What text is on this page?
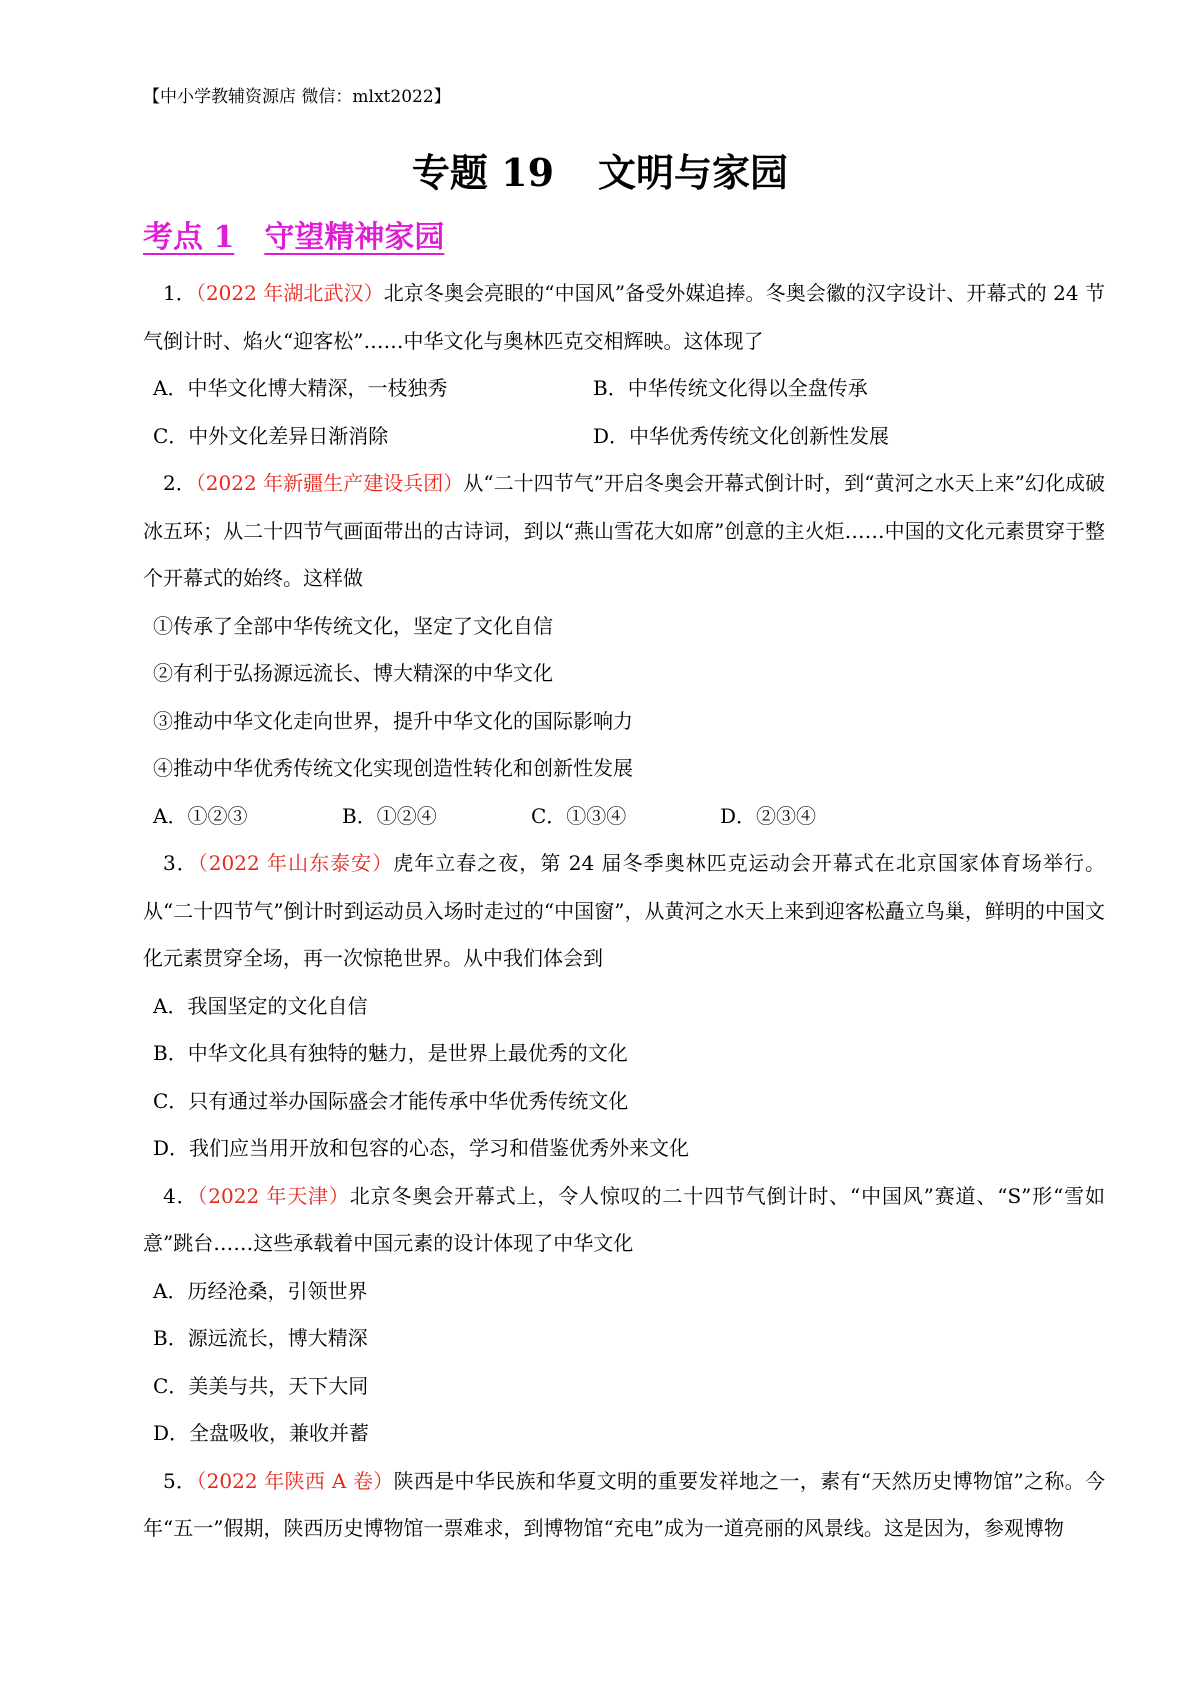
【中小学教辅资源店 微信：mlxt2022】
专题 19 文明与家园
考点 1 守望精神家园

1．（2022 年湖北武汉）北京冬奥会亮眼的“中国风”备受外媒追捧。冬奥会徽的汉字设计、开幕式的 24 节气倒计时、焰火“迎客松”……中华文化与奥林匹克交相辉映。这体现了

A．中华文化博大精深，一枝独秀	B．中华传统文化得以全盘传承
C．中外文化差异日渐消除	D．中华优秀传统文化创新性发展

2．（2022 年新疆生产建设兵团）从“二十四节气”开启冬奥会开幕式倒计时，到“黄河之水天上来”幻化成破冰五环；从二十四节气画面带出的古诗词，到以“燕山雪花大如席”创意的主火炬……中国的文化元素贯穿于整个开幕式的始终。这样做

①传承了全部中华传统文化，坚定了文化自信

②有利于弘扬源远流长、博大精深的中华文化

③推动中华文化走向世界，提升中华文化的国际影响力

④推动中华优秀传统文化实现创造性转化和创新性发展

A．①②③	B．①②④	C．①③④	D．②③④

3．（2022 年山东泰安）虎年立春之夜，第 24 届冬季奥林匹克运动会开幕式在北京国家体育场举行。从“二十四节气”倒计时到运动员入场时走过的“中国窗”，从黄河之水天上来到迎客松矗立鸟巢，鲜明的中国文化元素贯穿全场，再一次惊艳世界。从中我们体会到

A．我国坚定的文化自信

B．中华文化具有独特的魅力，是世界上最优秀的文化

C．只有通过举办国际盛会才能传承中华优秀传统文化

D．我们应当用开放和包容的心态，学习和借鉴优秀外来文化

4．（2022 年天津）北京冬奥会开幕式上，令人惊叹的二十四节气倒计时、“中国风”赛道、“S”形“雪如意”跳台……这些承载着中国元素的设计体现了中华文化

A．历经沧桑，引领世界

B．源远流长，博大精深

C．美美与共，天下大同

D．全盘吸收，兼收并蓄

5．（2022 年陕西 A 卷）陕西是中华民族和华夏文明的重要发祥地之一，素有“天然历史博物馆”之称。今年“五一”假期，陕西历史博物馆一票难求，到博物馆“充电”成为一道亮丽的风景线。这是因为，参观博物
